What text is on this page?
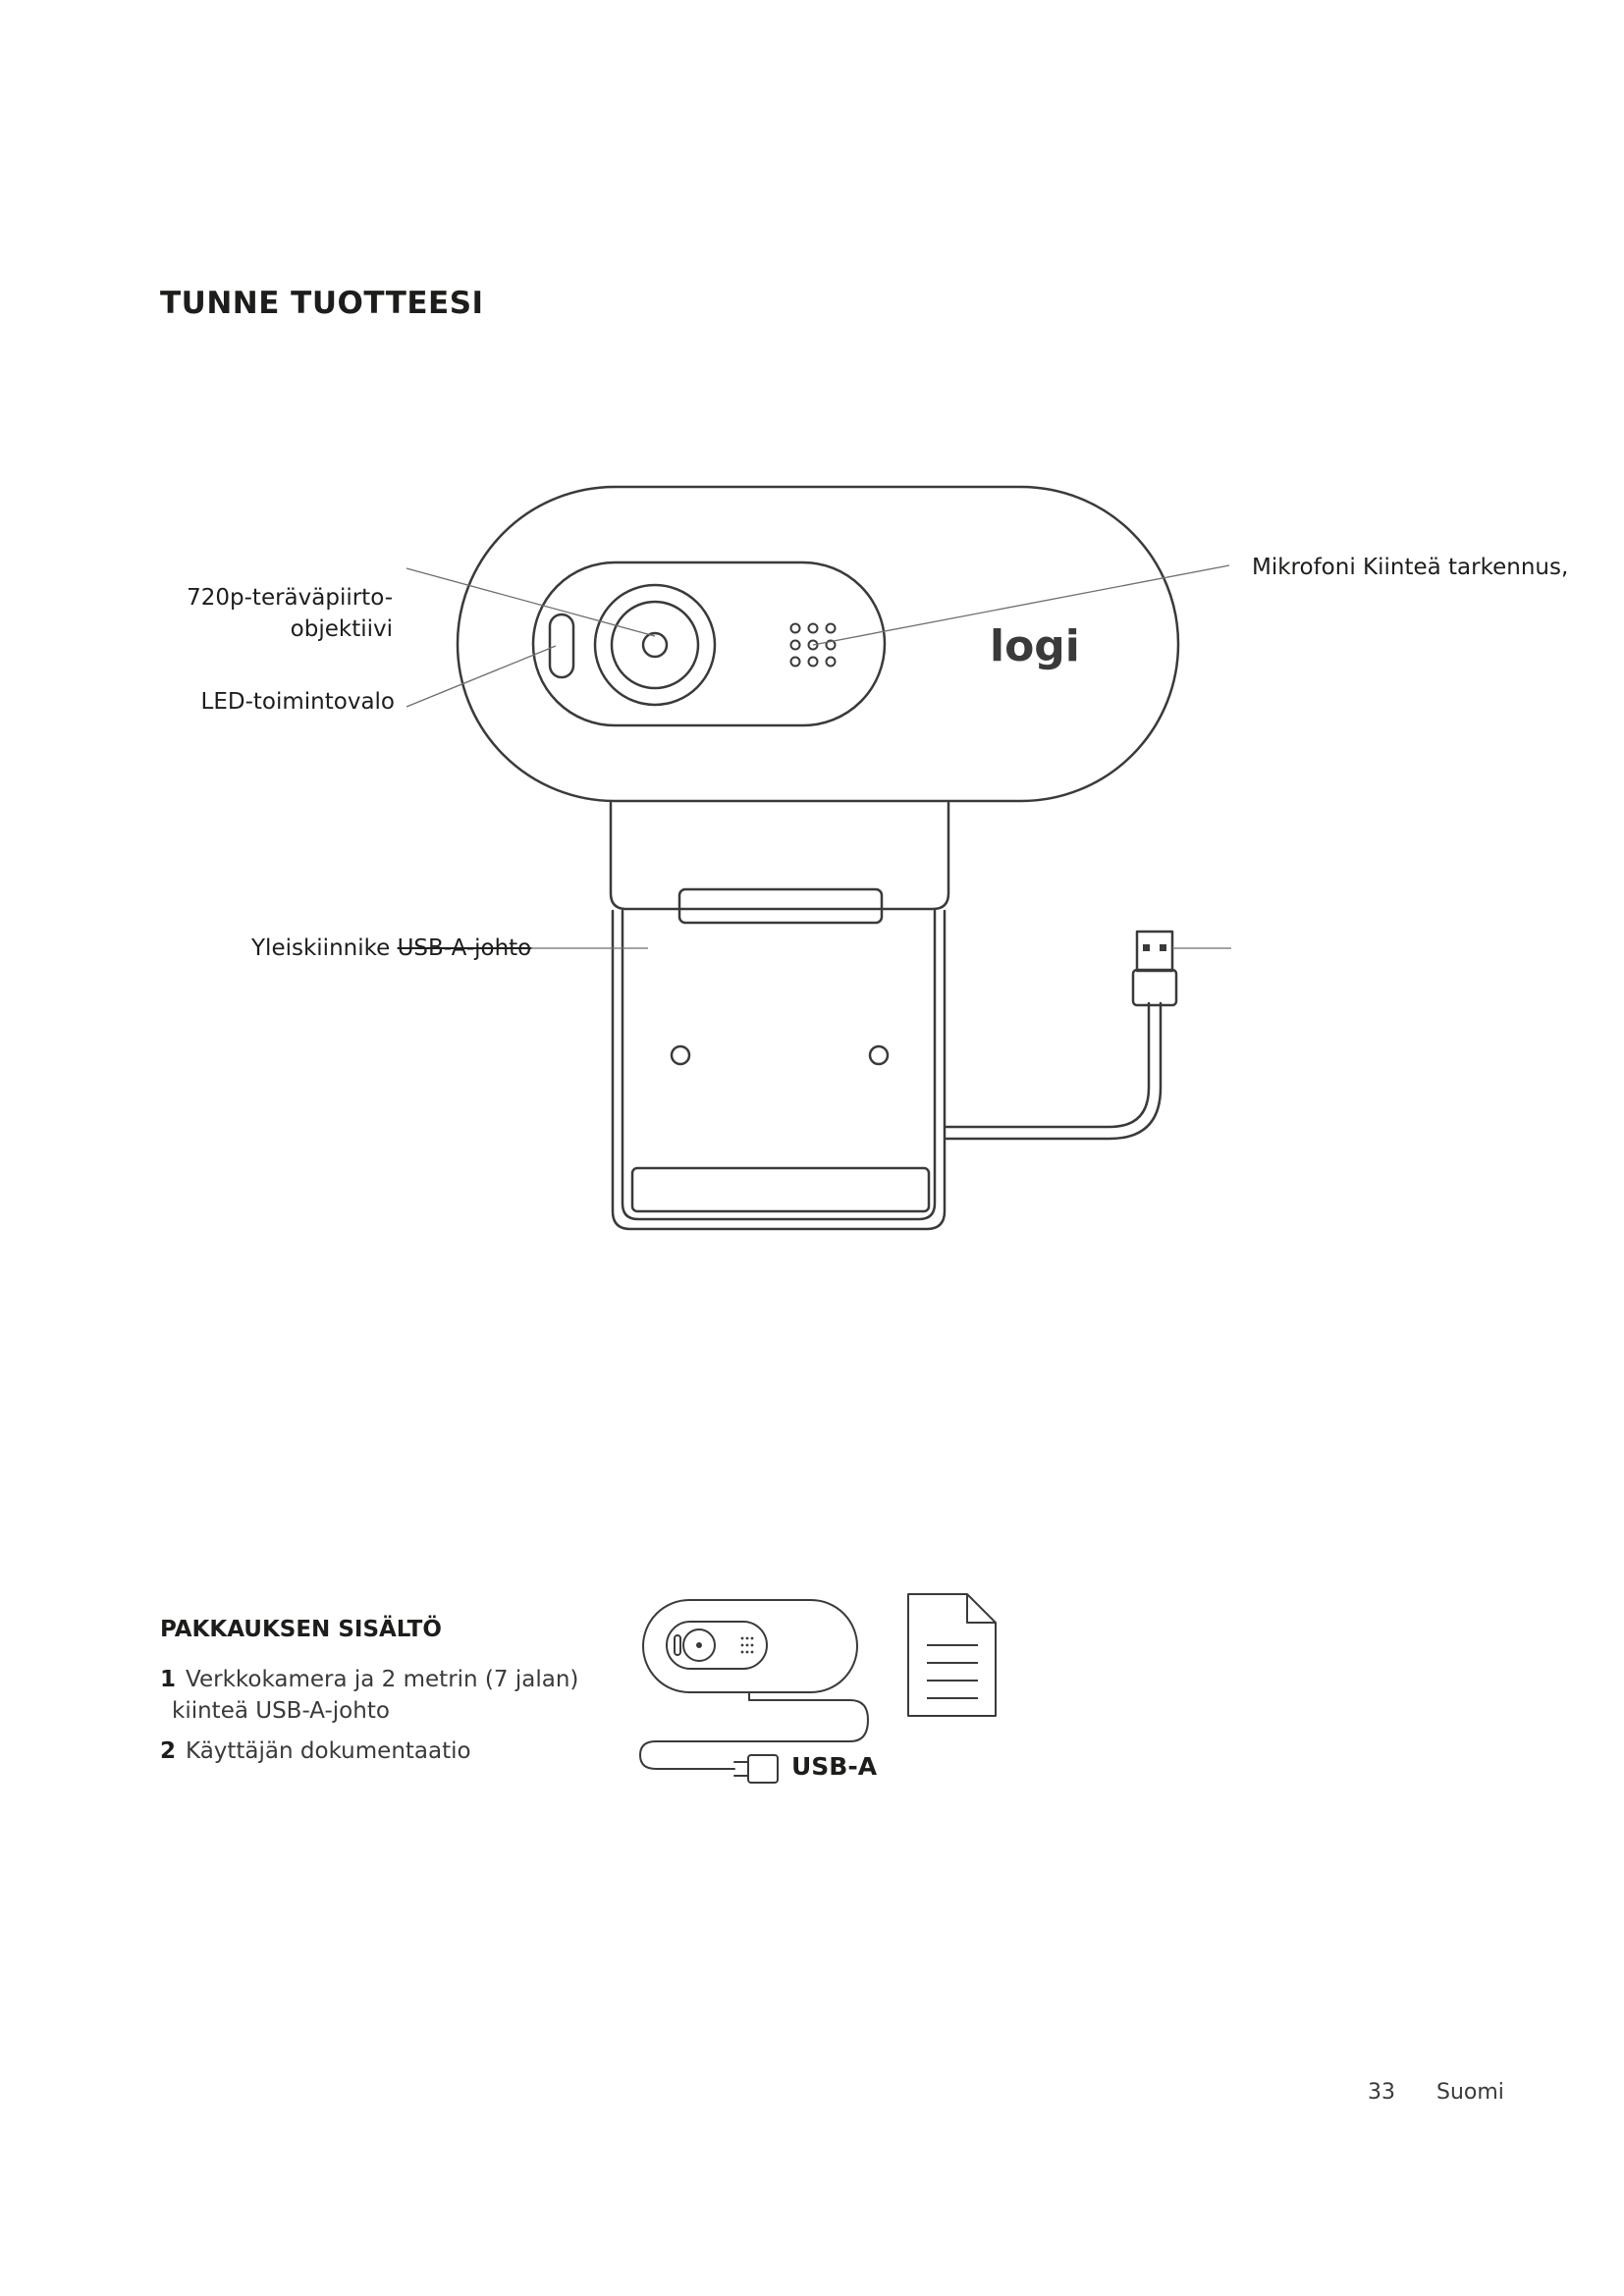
TUNNE TUOTTEESI
logi
720p-teräväpiirto-
objektiivi
LED-toimintovalo
Mikrofoni Kiinteä tarkennus,
Yleiskiinnike USB-A-johto
PAKKAUKSEN SISÄLTÖ
1 Verkkokamera ja 2 metrin (7 jalan)
kiinteä USB-A-johto
2 Käyttäjän dokumentaatio
USB-A
33 Suomi
